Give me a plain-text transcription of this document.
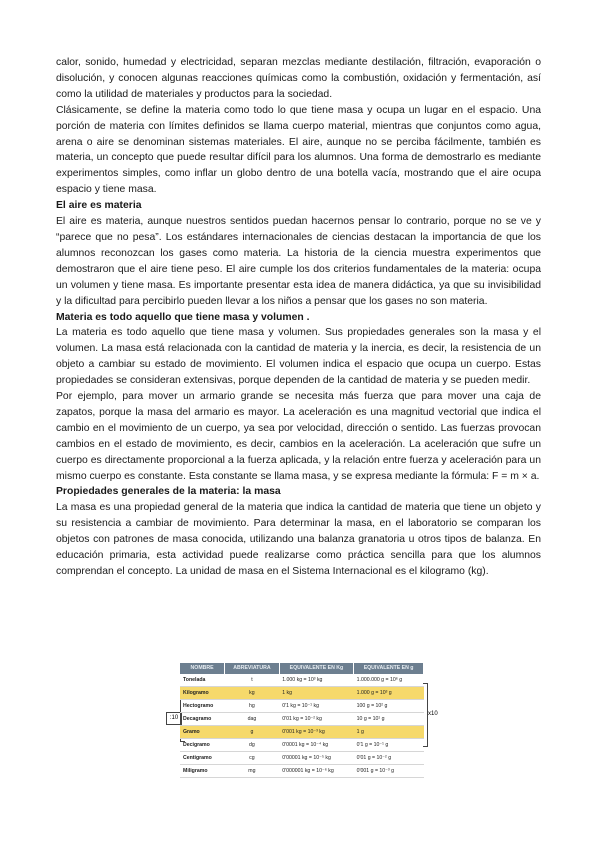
calor, sonido, humedad y electricidad, separan mezclas mediante destilación, filtración, evaporación o disolución, y conocen algunas reacciones químicas como la combustión, oxidación y fermentación, así como la utilidad de materiales y productos para la sociedad.

Clásicamente, se define la materia como todo lo que tiene masa y ocupa un lugar en el espacio. Una porción de materia con límites definidos se llama cuerpo material, mientras que conjuntos como agua, arena o aire se denominan sistemas materiales. El aire, aunque no se perciba fácilmente, también es materia, un concepto que puede resultar difícil para los alumnos. Una forma de demostrarlo es mediante experimentos simples, como inflar un globo dentro de una botella vacía, mostrando que el aire ocupa espacio y tiene masa.

El aire es materia

El aire es materia, aunque nuestros sentidos puedan hacernos pensar lo contrario, porque no se ve y “parece que no pesa”. Los estándares internacionales de ciencias destacan la importancia de que los alumnos reconozcan los gases como materia. La historia de la ciencia muestra experimentos que demostraron que el aire tiene peso. El aire cumple los dos criterios fundamentales de la materia: ocupa un volumen y tiene masa. Es importante presentar esta idea de manera didáctica, ya que su invisibilidad y la dificultad para percibirlo pueden llevar a los niños a pensar que los gases no son materia.

Materia es todo aquello que tiene masa y volumen .

La materia es todo aquello que tiene masa y volumen. Sus propiedades generales son la masa y el volumen. La masa está relacionada con la cantidad de materia y la inercia, es decir, la resistencia de un objeto a cambiar su estado de movimiento. El volumen indica el espacio que ocupa un cuerpo. Estas propiedades se consideran extensivas, porque dependen de la cantidad de materia y se pueden medir.

Por ejemplo, para mover un armario grande se necesita más fuerza que para mover una caja de zapatos, porque la masa del armario es mayor. La aceleración es una magnitud vectorial que indica el cambio en el movimiento de un cuerpo, ya sea por velocidad, dirección o sentido. Las fuerzas provocan cambios en el estado de movimiento, es decir, cambios en la aceleración. La aceleración que sufre un cuerpo es directamente proporcional a la fuerza aplicada, y la relación entre fuerza y aceleración para un mismo cuerpo es constante. Esta constante se llama masa, y se expresa mediante la fórmula: F = m × a.

Propiedades generales de la materia: la masa

La masa es una propiedad general de la materia que indica la cantidad de materia que tiene un objeto y su resistencia a cambiar de movimiento. Para determinar la masa, en el laboratorio se comparan los objetos con patrones de masa conocida, utilizando una balanza granatoria u otros tipos de balanza. En educación primaria, esta actividad puede realizarse como práctica sencilla para que los alumnos comprendan el concepto. La unidad de masa en el Sistema Internacional es el kilogramo (kg).

:10
NOMBRE	ABREVIATURA	EQUIVALENTE EN Kg	EQUIVALENTE EN g
Tonelada	t	1.000 kg = 10³ kg	1.000.000 g = 10⁶ g
Kilogramo	kg	1 kg	1.000 g = 10³ g
Hectogramo	hg	0'1 kg = 10⁻¹ kg	100 g = 10² g
Decagramo	dag	0'01 kg = 10⁻² kg	10 g = 10¹ g
Gramo	g	0'001 kg = 10⁻³ kg	1 g
Decigramo	dg	0'0001 kg = 10⁻⁴ kg	0'1 g = 10⁻¹ g
Centigramo	cg	0'00001 kg = 10⁻⁵ kg	0'01 g = 10⁻² g
Miligramo	mg	0'000001 kg = 10⁻⁶ kg	0'001 g = 10⁻³ g
x10
